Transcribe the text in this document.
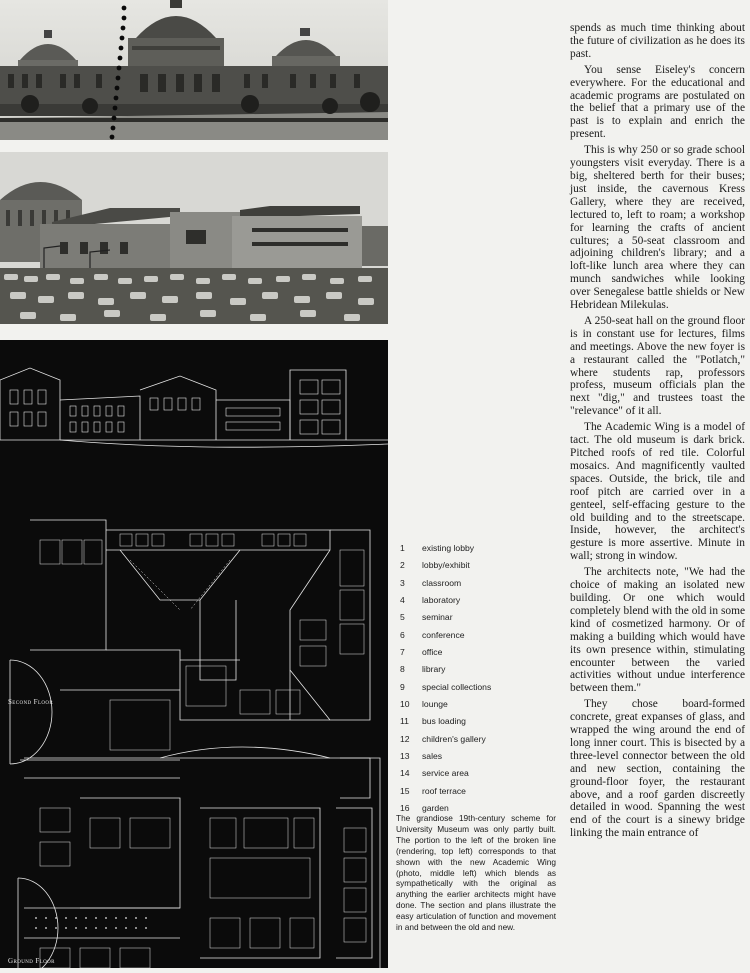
Second Floor
Ground Floor
1 existing lobby
2 lobby/exhibit
3 classroom
4 laboratory
5 seminar
6 conference
7 office
8 library
9 special collections
10 lounge
11 bus loading
12 children's gallery
13 sales
14 service area
15 roof terrace
16 garden

The grandiose 19th-century scheme for University Museum was only partly built. The portion to the left of the broken line (rendering, top left) corresponds to that shown with the new Academic Wing (photo, middle left) which blends as sympathetically with the original as anything the earlier architects might have done. The section and plans illustrate the easy articulation of function and movement in and between the old and new.

spends as much time thinking about the future of civilization as he does its past.

You sense Eiseley's concern everywhere. For the educational and academic programs are postulated on the belief that a primary use of the past is to explain and enrich the present.

This is why 250 or so grade school youngsters visit everyday. There is a big, sheltered berth for their buses; just inside, the cavernous Kress Gallery, where they are received, lectured to, left to roam; a workshop for learning the crafts of ancient cultures; a 50-seat classroom and adjoining children's library; and a loft-like lunch area where they can munch sandwiches while looking over Senegalese battle shields or New Hebridean Milekulas.

A 250-seat hall on the ground floor is in constant use for lectures, films and meetings. Above the new foyer is a restaurant called the "Potlatch," where students rap, professors profess, museum officials plan the next "dig," and trustees toast the "relevance" of it all.

The Academic Wing is a model of tact. The old museum is dark brick. Pitched roofs of red tile. Colorful mosaics. And magnificently vaulted spaces. Outside, the brick, tile and roof pitch are carried over in a genteel, self-effacing gesture to the old building and to the streetscape. Inside, however, the architect's gesture is more assertive. Minute in wall; strong in window.

The architects note, "We had the choice of making an isolated new building. Or one which would completely blend with the old in some kind of cosmetized harmony. Or of making a building which would have its own presence within, stimulating encounter between the varied activities without undue interference between them."

They chose board-formed concrete, great expanses of glass, and wrapped the wing around the end of long inner court. This is bisected by a three-level connector between the old and new section, containing the ground-floor foyer, the restaurant above, and a roof garden discreetly detailed in wood. Spanning the west end of the court is a sinewy bridge linking the main entrance of
